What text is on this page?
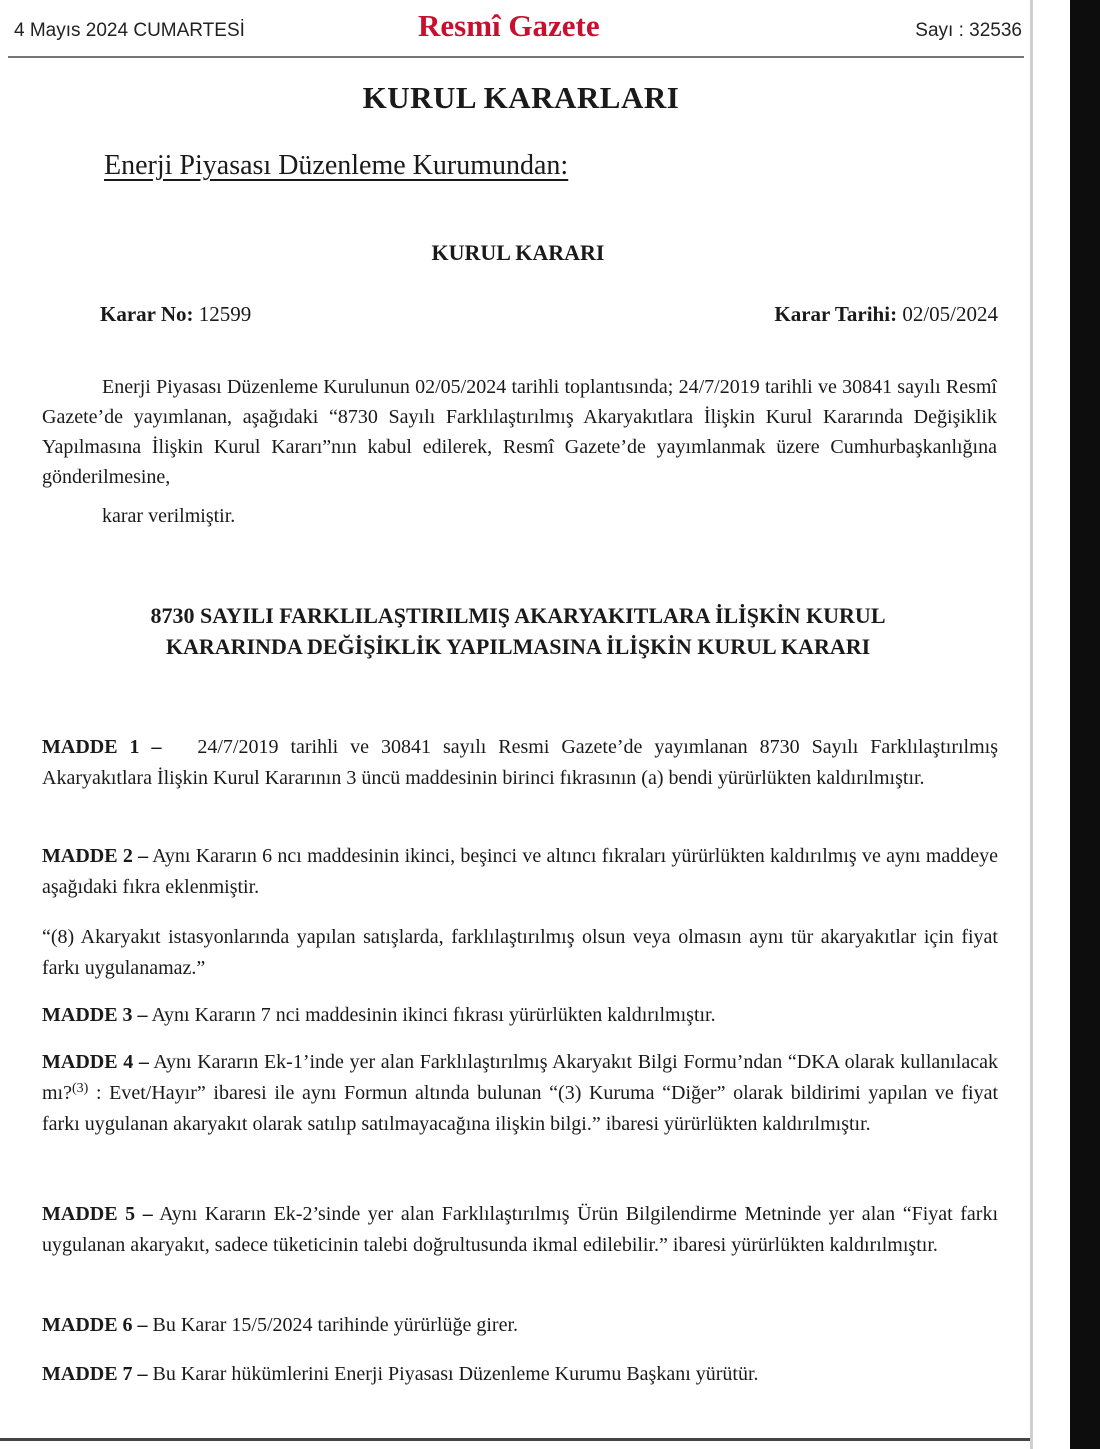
4 Mayıs 2024 CUMARTESİ	Resmî Gazete	Sayı : 32536
KURUL KARARLARI
Enerji Piyasası Düzenleme Kurumundan:
KURUL KARARI
Karar No: 12599	Karar Tarihi: 02/05/2024
Enerji Piyasası Düzenleme Kurulunun 02/05/2024 tarihli toplantısında; 24/7/2019 tarihli ve 30841 sayılı Resmî Gazete’de yayımlanan, aşağıdaki “8730 Sayılı Farklılaştırılmış Akaryakıtlara İlişkin Kurul Kararında Değişiklik Yapılmasına İlişkin Kurul Kararı”nın kabul edilerek, Resmî Gazete’de yayımlanmak üzere Cumhurbaşkanlığına gönderilmesine,
karar verilmiştir.
8730 SAYILI FARKLILAŞTIRILMIŞ AKARYAKITLARA İLİŞKİN KURUL
KARARINDA DEĞİŞİKLİK YAPILMASINA İLİŞKİN KURUL KARARI
MADDE 1 – 24/7/2019 tarihli ve 30841 sayılı Resmi Gazete’de yayımlanan 8730 Sayılı Farklılaştırılmış Akaryakıtlara İlişkin Kurul Kararının 3 üncü maddesinin birinci fıkrasının (a) bendi yürürlükten kaldırılmıştır.
MADDE 2 – Aynı Kararın 6 ncı maddesinin ikinci, beşinci ve altıncı fıkraları yürürlükten kaldırılmış ve aynı maddeye aşağıdaki fıkra eklenmiştir.
“(8) Akaryakıt istasyonlarında yapılan satışlarda, farklılaştırılmış olsun veya olmasın aynı tür akaryakıtlar için fiyat farkı uygulanamaz.”
MADDE 3 – Aynı Kararın 7 nci maddesinin ikinci fıkrası yürürlükten kaldırılmıştır.
MADDE 4 – Aynı Kararın Ek-1’inde yer alan Farklılaştırılmış Akaryakıt Bilgi Formu’ndan “DKA olarak kullanılacak mı?$^{(3)}$ : Evet/Hayır” ibaresi ile aynı Formun altında bulunan “(3) Kuruma “Diğer” olarak bildirimi yapılan ve fiyat farkı uygulanan akaryakıt olarak satılıp satılmayacağına ilişkin bilgi.” ibaresi yürürlükten kaldırılmıştır.
MADDE 5 – Aynı Kararın Ek-2’sinde yer alan Farklılaştırılmış Ürün Bilgilendirme Metninde yer alan “Fiyat farkı uygulanan akaryakıt, sadece tüketicinin talebi doğrultusunda ikmal edilebilir.” ibaresi yürürlükten kaldırılmıştır.
MADDE 6 – Bu Karar 15/5/2024 tarihinde yürürlüğe girer.
MADDE 7 – Bu Karar hükümlerini Enerji Piyasası Düzenleme Kurumu Başkanı yürütür.
